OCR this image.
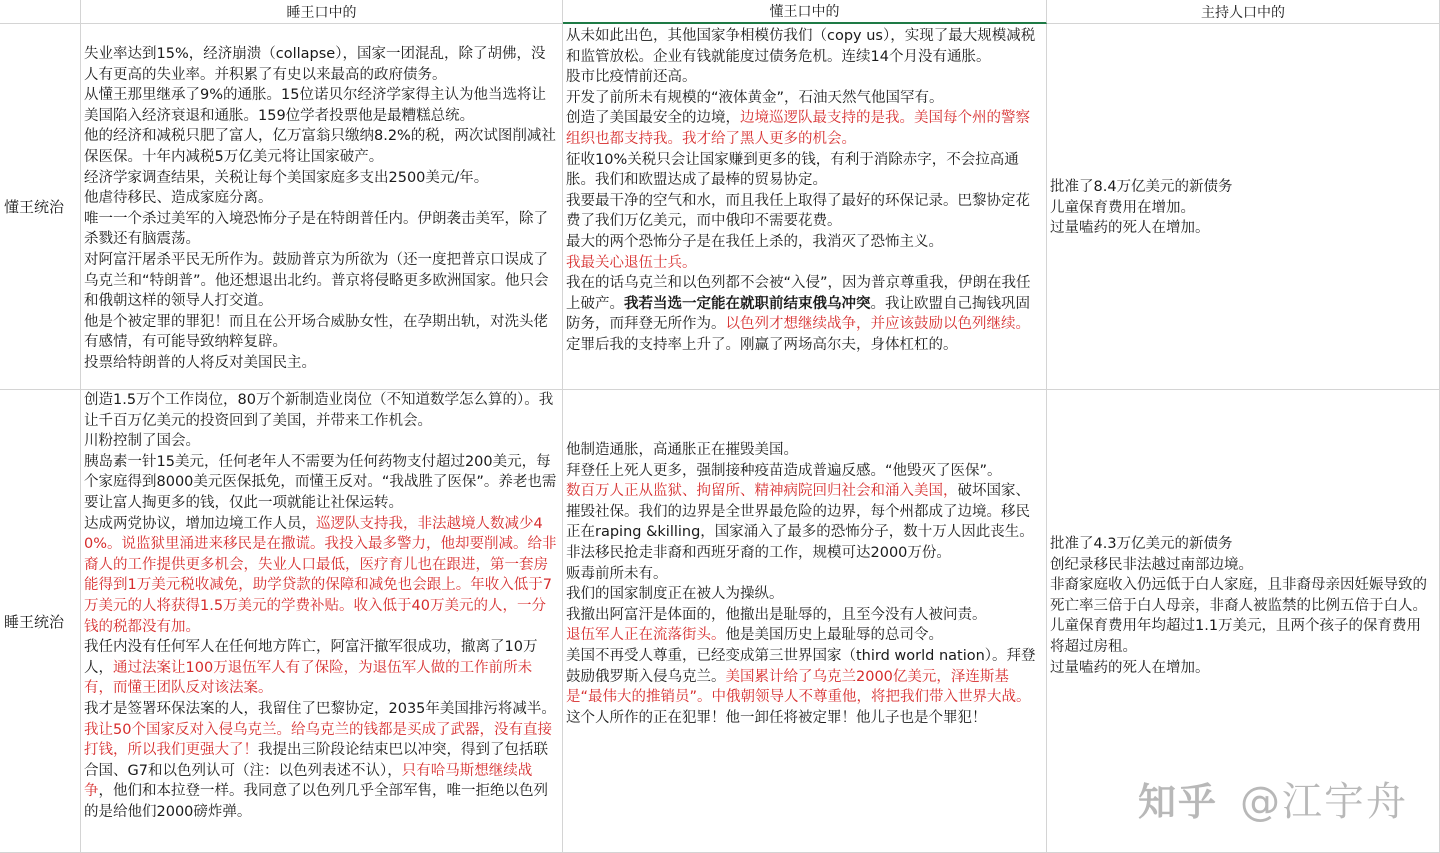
睡王口中的	懂王口中的	主持人口中的
懂王统治

失业率达到15%，经济崩溃（collapse），国家一团混乱，除了胡佛，没人有更高的失业率。并积累了有史以来最高的政府债务。

从懂王那里继承了9%的通胀。15位诺贝尔经济学家得主认为他当选将让美国陷入经济衰退和通胀。159位学者投票他是最糟糕总统。

他的经济和减税只肥了富人，亿万富翁只缴纳8.2%的税，两次试图削减社保医保。十年内减税5万亿美元将让国家破产。

经济学家调查结果，关税让每个美国家庭多支出2500美元/年。

他虐待移民、造成家庭分离。

唯一一个杀过美军的入境恐怖分子是在特朗普任内。伊朗袭击美军，除了杀戮还有脑震荡。

对阿富汗屠杀平民无所作为。鼓励普京为所欲为（还一度把普京口误成了乌克兰和“特朗普”。他还想退出北约。普京将侵略更多欧洲国家。他只会和俄朝这样的领导人打交道。

他是个被定罪的罪犯！而且在公开场合威胁女性，在孕期出轨，对洗头佬有感情，有可能导致纳粹复辟。

投票给特朗普的人将反对美国民主。

从未如此出色，其他国家争相模仿我们（copy us），实现了最大规模减税和监管放松。企业有钱就能度过债务危机。连续14个月没有通胀。

股市比疫情前还高。

开发了前所未有规模的“液体黄金”，石油天然气他国罕有。

创造了美国最安全的边境，边境巡逻队最支持的是我。美国每个州的警察组织也都支持我。我才给了黑人更多的机会。

征收10%关税只会让国家赚到更多的钱，有利于消除赤字，不会拉高通胀。我们和欧盟达成了最棒的贸易协定。

我要最干净的空气和水，而且我任上取得了最好的环保记录。巴黎协定花费了我们万亿美元，而中俄印不需要花费。

最大的两个恐怖分子是在我任上杀的，我消灭了恐怖主义。

我最关心退伍士兵。

我在的话乌克兰和以色列都不会被“入侵”，因为普京尊重我，伊朗在我任上破产。我若当选一定能在就职前结束俄乌冲突。我让欧盟自己掏钱巩固防务，而拜登无所作为。以色列才想继续战争，并应该鼓励以色列继续。

定罪后我的支持率上升了。刚赢了两场高尔夫，身体杠杠的。

批准了8.4万亿美元的新债务

儿童保育费用在增加。

过量嗑药的死人在增加。

睡王统治

创造1.5万个工作岗位，80万个新制造业岗位（不知道数学怎么算的）。我让千百万亿美元的投资回到了美国，并带来工作机会。

川粉控制了国会。

胰岛素一针15美元，任何老年人不需要为任何药物支付超过200美元，每个家庭得到8000美元医保抵免，而懂王反对。“我战胜了医保”。养老也需要让富人掏更多的钱，仅此一项就能让社保运转。

达成两党协议，增加边境工作人员，巡逻队支持我，非法越境人数减少40%。说监狱里涌进来移民是在撒谎。我投入最多警力，他却要削减。给非裔人的工作提供更多机会，失业人口最低，医疗育儿也在跟进，第一套房能得到1万美元税收减免，助学贷款的保障和减免也会跟上。年收入低于7万美元的人将获得1.5万美元的学费补贴。收入低于40万美元的人，一分钱的税都没有加。

我任内没有任何军人在任何地方阵亡，阿富汗撤军很成功，撤离了10万人，通过法案让100万退伍军人有了保险，为退伍军人做的工作前所未有，而懂王团队反对该法案。

我才是签署环保法案的人，我留住了巴黎协定，2035年美国排污将减半。

我让50个国家反对入侵乌克兰。给乌克兰的钱都是买成了武器，没有直接打钱，所以我们更强大了！我提出三阶段论结束巴以冲突，得到了包括联合国、G7和以色列认可（注：以色列表述不认），只有哈马斯想继续战争，他们和本拉登一样。我同意了以色列几乎全部军售，唯一拒绝以色列的是给他们2000磅炸弹。

他制造通胀，高通胀正在摧毁美国。

拜登任上死人更多，强制接种疫苗造成普遍反感。“他毁灭了医保”。

数百万人正从监狱、拘留所、精神病院回归社会和涌入美国，破坏国家、摧毁社保。我们的边界是全世界最危险的边界，每个州都成了边境。移民正在raping &killing，国家涌入了最多的恐怖分子，数十万人因此丧生。非法移民抢走非裔和西班牙裔的工作，规模可达2000万份。

贩毒前所未有。

我们的国家制度正在被人为操纵。

我撤出阿富汗是体面的，他撤出是耻辱的，且至今没有人被问责。

退伍军人正在流落街头。他是美国历史上最耻辱的总司令。

美国不再受人尊重，已经变成第三世界国家（third world nation）。拜登鼓励俄罗斯入侵乌克兰。美国累计给了乌克兰2000亿美元，泽连斯基是“最伟大的推销员”。中俄朝领导人不尊重他，将把我们带入世界大战。

这个人所作的正在犯罪！他一卸任将被定罪！他儿子也是个罪犯！

批准了4.3万亿美元的新债务

创纪录移民非法越过南部边境。

非裔家庭收入仍远低于白人家庭，且非裔母亲因妊娠导致的死亡率三倍于白人母亲，非裔人被监禁的比例五倍于白人。

儿童保育费用年均超过1.1万美元，且两个孩子的保育费用将超过房租。

过量嗑药的死人在增加。

知乎 @江宇舟
